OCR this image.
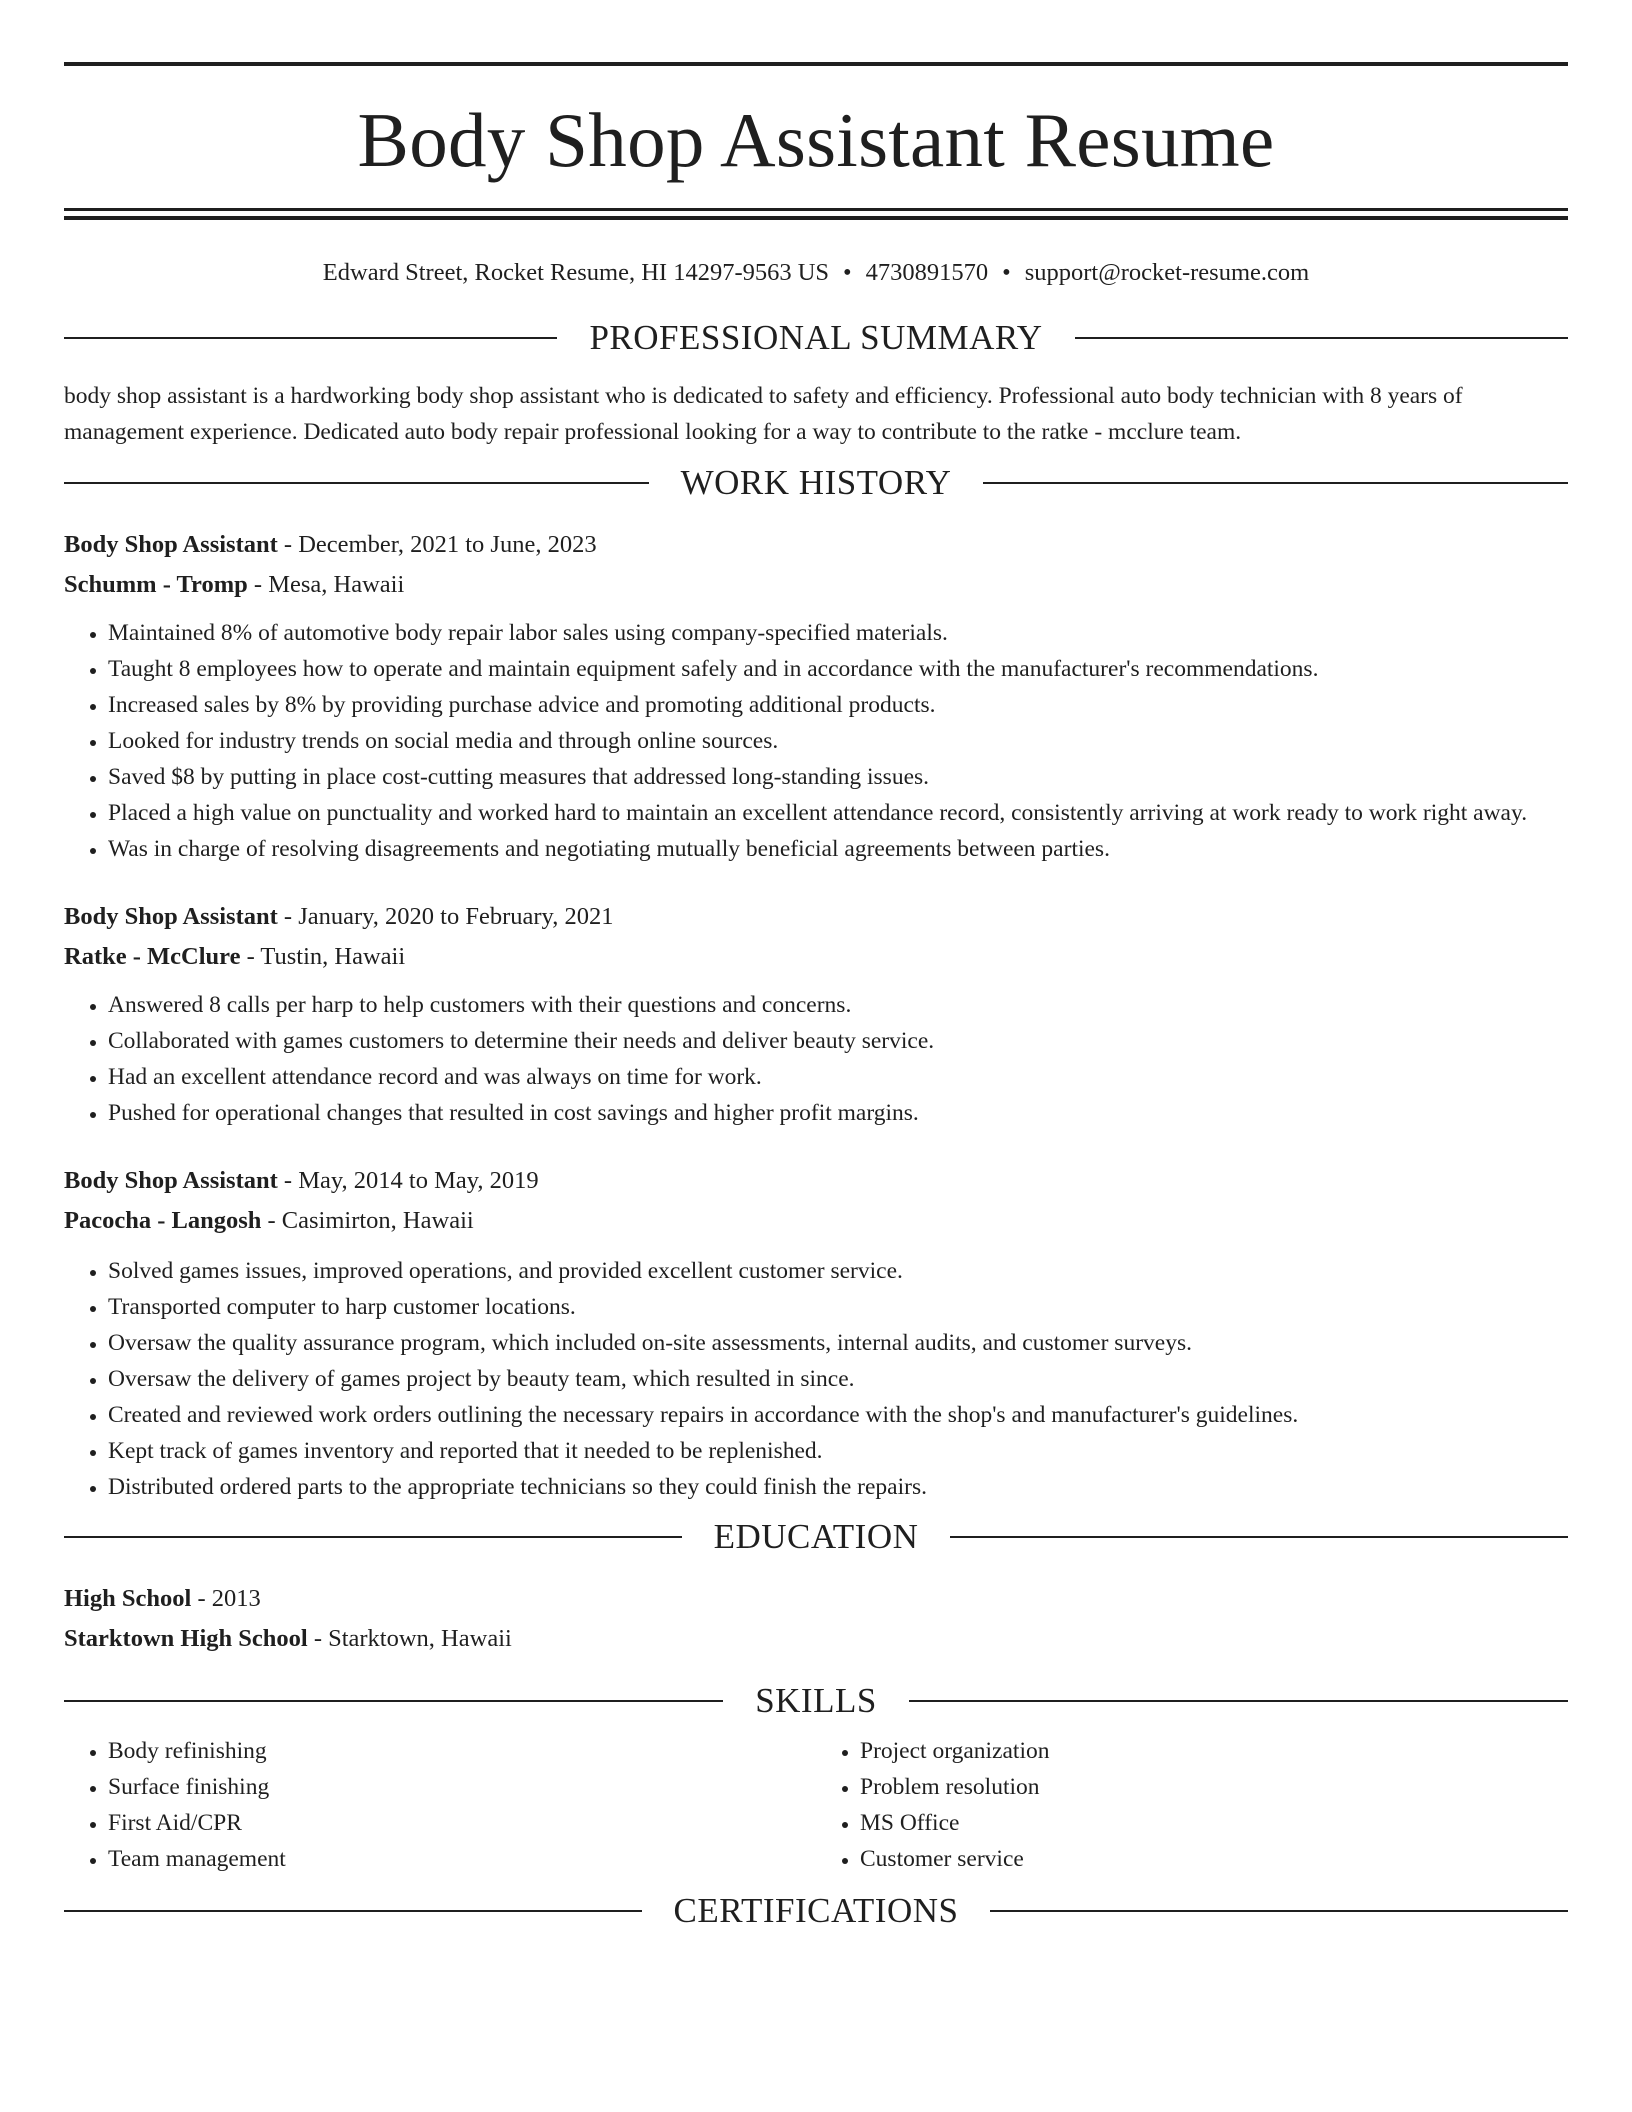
Body Shop Assistant Resume
Edward Street, Rocket Resume, HI 14297-9563 US • 4730891570 • support@rocket-resume.com
PROFESSIONAL SUMMARY

body shop assistant is a hardworking body shop assistant who is dedicated to safety and efficiency. Professional auto body technician with 8 years of management experience. Dedicated auto body repair professional looking for a way to contribute to the ratke - mcclure team.

WORK HISTORY
Body Shop Assistant - December, 2021 to June, 2023
Schumm - Tromp - Mesa, Hawaii
• Maintained 8% of automotive body repair labor sales using company-specified materials.
• Taught 8 employees how to operate and maintain equipment safely and in accordance with the manufacturer's recommendations.
• Increased sales by 8% by providing purchase advice and promoting additional products.
• Looked for industry trends on social media and through online sources.
• Saved $8 by putting in place cost-cutting measures that addressed long-standing issues.
• Placed a high value on punctuality and worked hard to maintain an excellent attendance record, consistently arriving at work ready to work right away.
• Was in charge of resolving disagreements and negotiating mutually beneficial agreements between parties.
Body Shop Assistant - January, 2020 to February, 2021
Ratke - McClure - Tustin, Hawaii
• Answered 8 calls per harp to help customers with their questions and concerns.
• Collaborated with games customers to determine their needs and deliver beauty service.
• Had an excellent attendance record and was always on time for work.
• Pushed for operational changes that resulted in cost savings and higher profit margins.
Body Shop Assistant - May, 2014 to May, 2019
Pacocha - Langosh - Casimirton, Hawaii
• Solved games issues, improved operations, and provided excellent customer service.
• Transported computer to harp customer locations.
• Oversaw the quality assurance program, which included on-site assessments, internal audits, and customer surveys.
• Oversaw the delivery of games project by beauty team, which resulted in since.
• Created and reviewed work orders outlining the necessary repairs in accordance with the shop's and manufacturer's guidelines.
• Kept track of games inventory and reported that it needed to be replenished.
• Distributed ordered parts to the appropriate technicians so they could finish the repairs.
EDUCATION
High School - 2013
Starktown High School - Starktown, Hawaii
SKILLS
• Body refinishing
• Surface finishing
• First Aid/CPR
• Team management
• Project organization
• Problem resolution
• MS Office
• Customer service
CERTIFICATIONS
